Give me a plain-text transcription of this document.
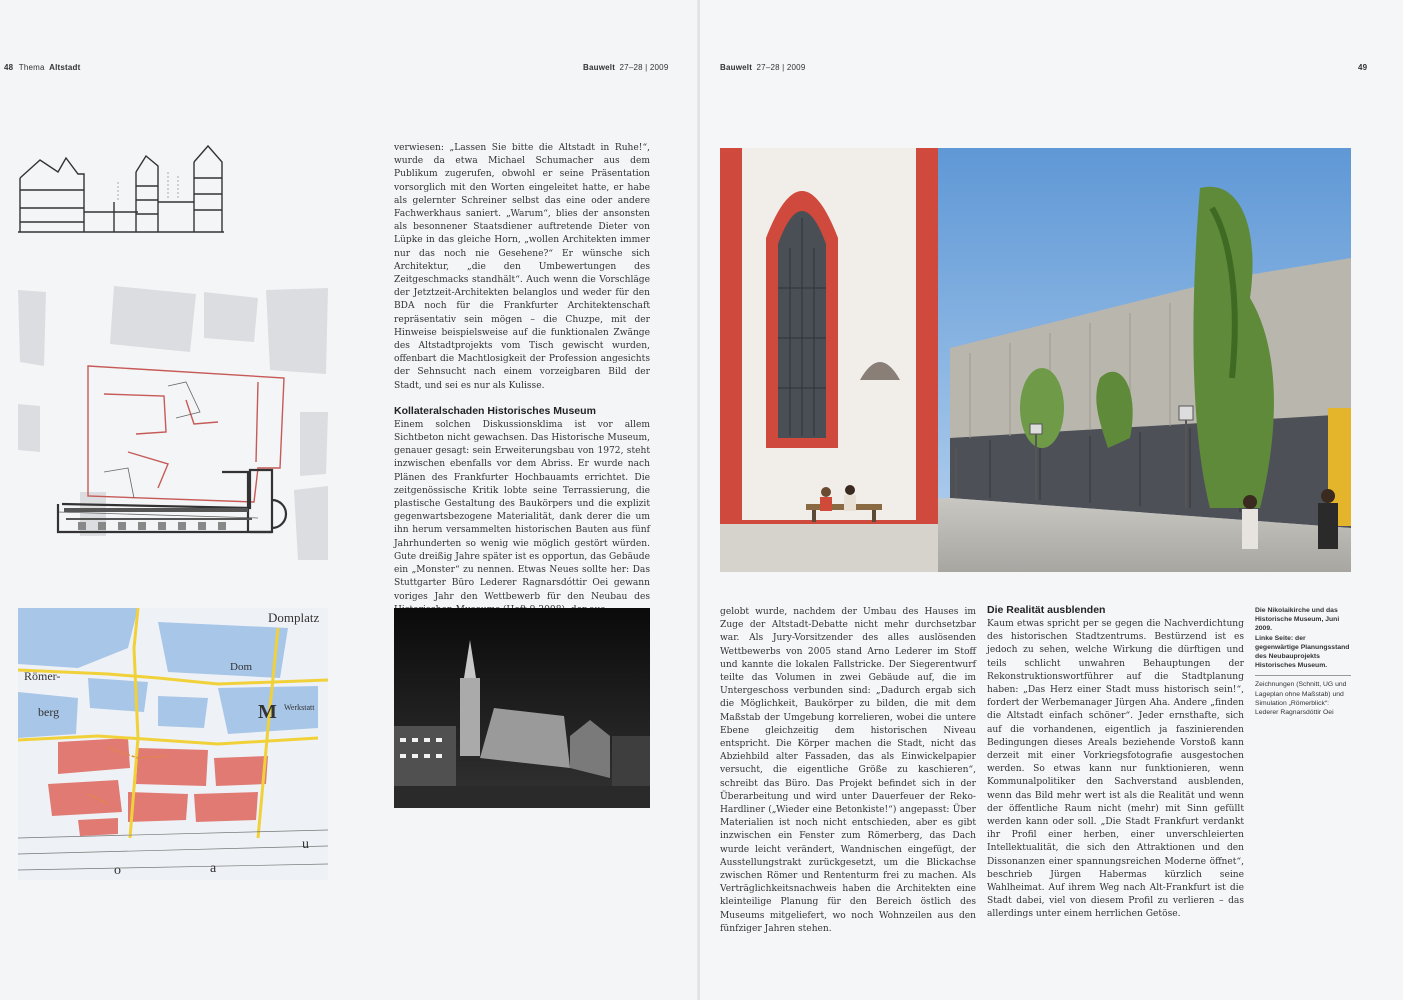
48 Thema Altstadt	Bauwelt 27–28 | 2009
Domplatz
Römer-
berg
Dom
Werkstatt
M
u
o	a

verwiesen: „Lassen Sie bitte die Altstadt in Ruhe!“, wurde da etwa Michael Schumacher aus dem Publikum zugerufen, obwohl er seine Präsentation vorsorglich mit den Worten eingeleitet hatte, er habe als gelernter Schreiner selbst das eine oder andere Fachwerkhaus saniert. „Warum“, blies der ansonsten als besonnener Staatsdiener auftretende Dieter von Lüpke in das gleiche Horn, „wollen Architekten immer nur das noch nie Gesehene?“ Er wünsche sich Architektur, „die den Umbewertungen des Zeitgeschmacks standhält“. Auch wenn die Vorschläge der Jetztzeit-Architekten belanglos und weder für den BDA noch für die Frankfurter Architektenschaft repräsentativ sein mögen – die Chuzpe, mit der Hinweise beispielsweise auf die funktionalen Zwänge des Altstadtprojekts vom Tisch gewischt wurden, offenbart die Machtlosigkeit der Profession angesichts der Sehnsucht nach einem vorzeigbaren Bild der Stadt, und sei es nur als Kulisse.

Kollateralschaden Historisches Museum

Einem solchen Diskussionsklima ist vor allem Sichtbeton nicht gewachsen. Das Historische Museum, genauer gesagt: sein Erweiterungsbau von 1972, steht inzwischen ebenfalls vor dem Abriss. Er wurde nach Plänen des Frankfurter Hochbauamts errichtet. Die zeitgenössische Kritik lobte seine Terrassierung, die plastische Gestaltung des Baukörpers und die explizit gegenwartsbezogene Materialität, dank derer die um ihn herum versammelten historischen Bauten aus fünf Jahrhunderten so wenig wie möglich gestört würden. Gute dreißig Jahre später ist es opportun, das Gebäude ein „Monster“ zu nennen. Etwas Neues sollte her: Das Stuttgarter Büro Lederer Ragnarsdóttir Oei gewann voriges Jahr den Wettbewerb für den Neubau des

Bauwelt 27–28 | 2009	49

gelobt wurde, nachdem der Umbau des Hauses im Zuge der Altstadt-Debatte nicht mehr durchsetzbar war. Als Jury-Vorsitzender des alles auslösenden Wettbewerbs von 2005 stand Arno Lederer im Stoff und kannte die lokalen Fallstricke. Der Siegerentwurf teilte das Volumen in zwei Gebäude auf, die im Untergeschoss verbunden sind: „Dadurch ergab sich die Möglichkeit, Baukörper zu bilden, die mit dem Maßstab der Umgebung korrelieren, wobei die untere Ebene gleichzeitig dem historischen Niveau entspricht. Die Körper machen die Stadt, nicht das Abziehbild alter Fassaden, das als Einwickelpapier versucht, die eigentliche Größe zu kaschieren“, schreibt das Büro. Das Projekt befindet sich in der Überarbeitung und wird unter Dauerfeuer der Reko-Hardliner („Wieder eine Betonkiste!“) angepasst: Über Materialien ist noch nicht entschieden, aber es gibt inzwischen ein Fenster zum Römerberg, das Dach wurde leicht verändert, Wandnischen eingefügt, der Ausstellungstrakt zurückgesetzt, um die Blickachse zwischen Römer und Rententurm frei zu machen. Als Verträglichkeitsnachweis haben die Architekten eine kleinteilige Planung für den Bereich östlich des Museums mitgeliefert, wo noch Wohnzeilen aus den fünfziger Jahren stehen.

Die Realität ausblenden

Kaum etwas spricht per se gegen die Nachverdichtung des historischen Stadtzentrums. Bestürzend ist es jedoch zu sehen, welche Wirkung die dürftigen und teils schlicht unwahren Behauptungen der Rekonstruktionswortführer auf die Stadtplanung haben: „Das Herz einer Stadt muss historisch sein!“, fordert der Werbemanager Jürgen Aha. Andere „finden die Altstadt einfach schöner“. Jeder ernsthafte, sich auf die vorhandenen, eigentlich ja faszinierenden Bedingungen dieses Areals beziehende Vorstoß kann derzeit mit einer Vorkriegsfotografie ausgestochen werden. So etwas kann nur funktionieren, wenn Kommunalpolitiker den Sachverstand ausblenden, wenn das Bild mehr wert ist als die Realität und wenn der öffentliche Raum nicht (mehr) mit Sinn gefüllt werden kann oder soll. „Die Stadt Frankfurt verdankt ihr Profil einer herben, einer unverschleierten Intellektualität, die sich den Attraktionen und den Dissonanzen einer spannungsreichen Moderne öffnet“, beschrieb Jürgen Habermas kürzlich seine Wahlheimat. Auf ihrem Weg nach Alt-Frankfurt ist die Stadt dabei, viel von diesem Profil zu verlieren – das allerdings unter einem herrlichen Getöse.

Die Nikolaikirche und das Historische Museum, Juni 2009.
Linke Seite: der gegenwärtige Planungsstand des Neubauprojekts Historisches Museum.
Zeichnungen (Schnitt, UG und Lageplan ohne Maßstab) und Simulation „Römerblick“: Lederer Ragnarsdóttir Oei
